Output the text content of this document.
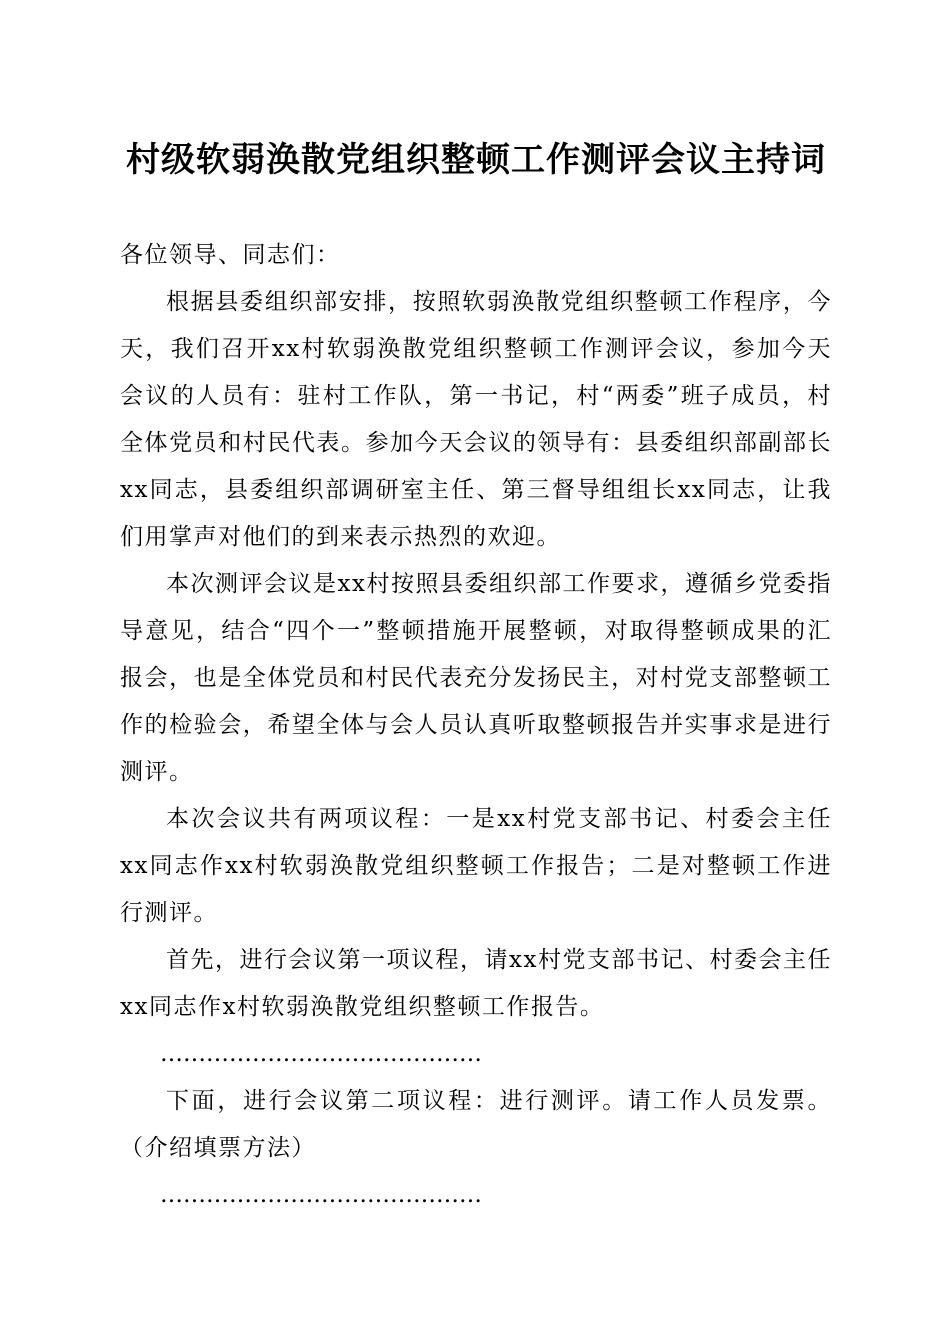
村级软弱涣散党组织整顿工作测评会议主持词

各位领导、同志们：

根据县委组织部安排，按照软弱涣散党组织整顿工作程序，今天，我们召开xx村软弱涣散党组织整顿工作测评会议，参加今天会议的人员有：驻村工作队，第一书记，村“两委”班子成员，村全体党员和村民代表。参加今天会议的领导有：县委组织部副部长xx同志，县委组织部调研室主任、第三督导组组长xx同志，让我们用掌声对他们的到来表示热烈的欢迎。

本次测评会议是xx村按照县委组织部工作要求，遵循乡党委指导意见，结合“四个一”整顿措施开展整顿，对取得整顿成果的汇报会，也是全体党员和村民代表充分发扬民主，对村党支部整顿工作的检验会，希望全体与会人员认真听取整顿报告并实事求是进行测评。

本次会议共有两项议程：一是xx村党支部书记、村委会主任xx同志作xx村软弱涣散党组织整顿工作报告；二是对整顿工作进行测评。

首先，进行会议第一项议程，请xx村党支部书记、村委会主任xx同志作x村软弱涣散党组织整顿工作报告。

……………………………………

下面，进行会议第二项议程：进行测评。请工作人员发票。（介绍填票方法）

……………………………………
